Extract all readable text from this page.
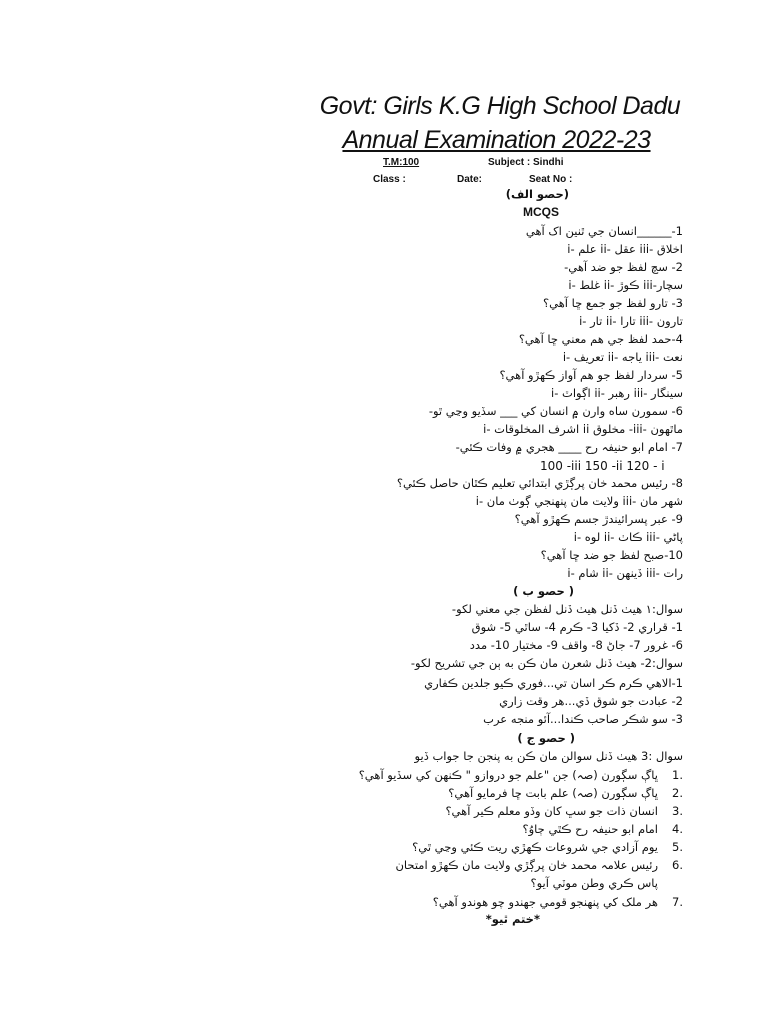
Govt: Girls K.G High School Dadu
Annual Examination 2022-23
T.M:100	Subject : Sindhi
Class :	Date:	Seat No :
(حصو الف)
MCQS
1-______انسان جي ٿنين اک آهي
i- علم ii- عقل iii- اخلاق
2- سچ لفظ جو ضد آهي-
i- غلط ii- ڪوڙ iii-سچار
3- تارو لفظ جو جمع ڇا آهي؟
i- تار ii- تارا iii- تارون
4-حمد لفظ جي هم معني ڇا آهي؟
i- تعريف ii- ياجه iii- نعت
5- سردار لفظ جو هم آواز ڪهڙو آهي؟
i- اڳواٽ ii- رهبر iii- سينگار
6- سمورن ساه وارن ۾ انسان کي ___ سڏيو وڃي ٿو-
i- اشرف المخلوقات ii مخلوق -iii- ماٿهون
7- امام ابو حنيفہ رح ____ هجري ۾ وفات ڪئي-
100 -iii 150 -ii 120 - i
8- رئيس محمد خان پرڳڙي ابتدائي تعليم ڪٿان حاصل ڪئي؟
i- ولايت مان پنهنجي ڳوٺ مان iii- شهر مان
9- عبر پسرائيندڙ جسم ڪهڙو آهي؟
i- لوه ii- ڪاٺ iii- پاڻي
10-صبح لفظ جو ضد ڇا آهي؟
i- شام ii- ڏينهن iii- رات
( حصو ب )
سوال:۱ هيٺ ڏنل هيٺ ڏنل لفظن جي معني لکو-
1- قراري 2- ڏکيا 3- ڪرم 4- ساٿي 5- شوق
6- غرور 7- جاڻ 8- واقف 9- مختيار 10- مدد
سوال:2- هيٺ ڏنل شعرن مان ڪن به ٻن جي تشريح لکو-
1-الاهي ڪرم ڪر اسان تي...فوري ڪيو جلدين ڪفاري
2- عبادت جو شوق ڏي...هر وقت زاري
3- سو شڪر صاحب ڪندا...آئو منجه عرب
( حصو ج )
سوال :3 هيٺ ڏنل سوالن مان ڪن به پنجن جا جواب ڏيو
1.
ڀاڳ سڳورن (صہ) جن "علم جو دروازو " ڪنهن کي سڏيو آهي؟
2.
ڀاڳ سڳورن (صہ) علم بابت ڇا فرمايو آهي؟
3.
انسان ذات جو سڀ کان وڏو معلم ڪير آهي؟
4.
امام ابو حنيفہ رح ڪٿي ڄاوُ؟
5.
يوم آزادي جي شروعات ڪهڙي ريت ڪئي وڃي ٿي؟
6.
رئيس علامہ محمد خان پرڳڙي ولايت مان ڪهڙو امتحان
پاس ڪري وطن موٽي آيو؟
7.
هر ملک کي پنهنجو قومي جهندو چو هوندو آهي؟
*ختم ٿيو*
